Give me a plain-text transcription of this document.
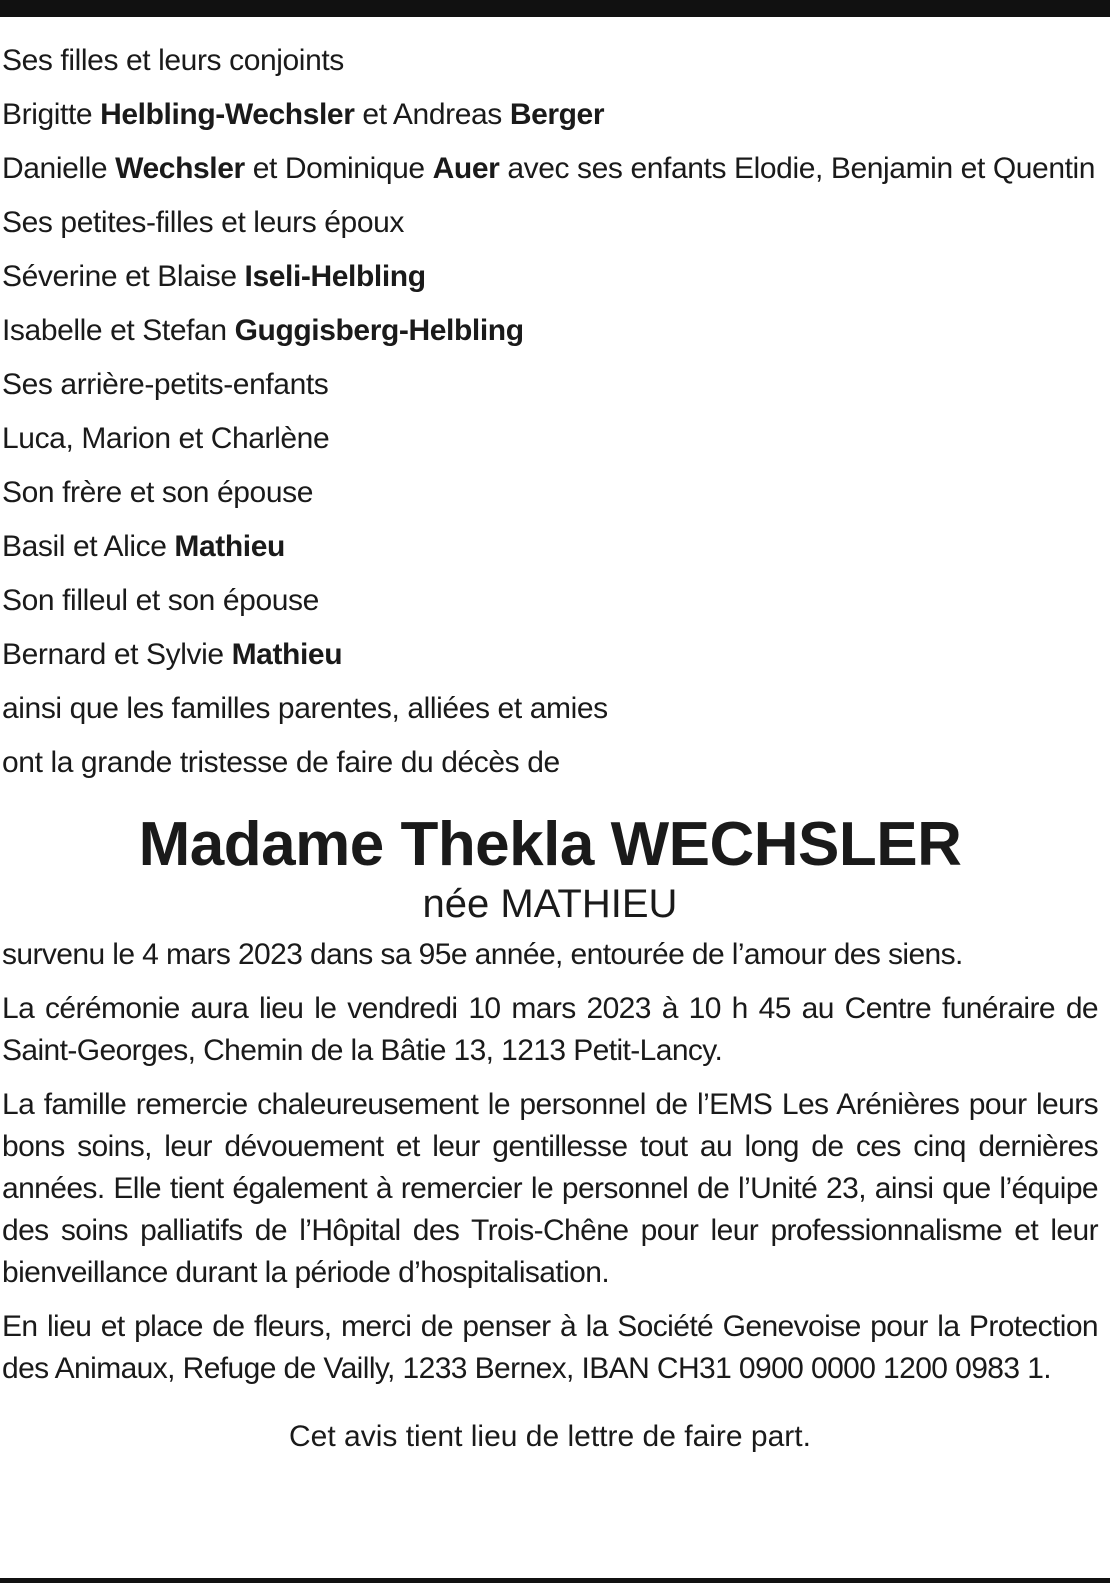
Ses filles et leurs conjoints
Brigitte Helbling-Wechsler et Andreas Berger
Danielle Wechsler et Dominique Auer avec ses enfants Elodie, Benjamin et Quentin
Ses petites-filles et leurs époux
Séverine et Blaise Iseli-Helbling
Isabelle et Stefan Guggisberg-Helbling
Ses arrière-petits-enfants
Luca, Marion et Charlène
Son frère et son épouse
Basil et Alice Mathieu
Son filleul et son épouse
Bernard et Sylvie Mathieu
ainsi que les familles parentes, alliées et amies
ont la grande tristesse de faire du décès de
Madame Thekla WECHSLER
née MATHIEU

survenu le 4 mars 2023 dans sa 95e année, entourée de l’amour des siens.

La cérémonie aura lieu le vendredi 10 mars 2023 à 10 h 45 au Centre funéraire de Saint-Georges, Chemin de la Bâtie 13, 1213 Petit-Lancy.

La famille remercie chaleureusement le personnel de l’EMS Les Arénières pour leurs bons soins, leur dévouement et leur gentillesse tout au long de ces cinq dernières années. Elle tient également à remercier le personnel de l’Unité 23, ainsi que l’équipe des soins palliatifs de l’Hôpital des Trois-Chêne pour leur professionnalisme et leur bienveillance durant la période d’hospitalisation.

En lieu et place de fleurs, merci de penser à la Société Genevoise pour la Protection des Animaux, Refuge de Vailly, 1233 Bernex, IBAN CH31 0900 0000 1200 0983 1.

Cet avis tient lieu de lettre de faire part.
